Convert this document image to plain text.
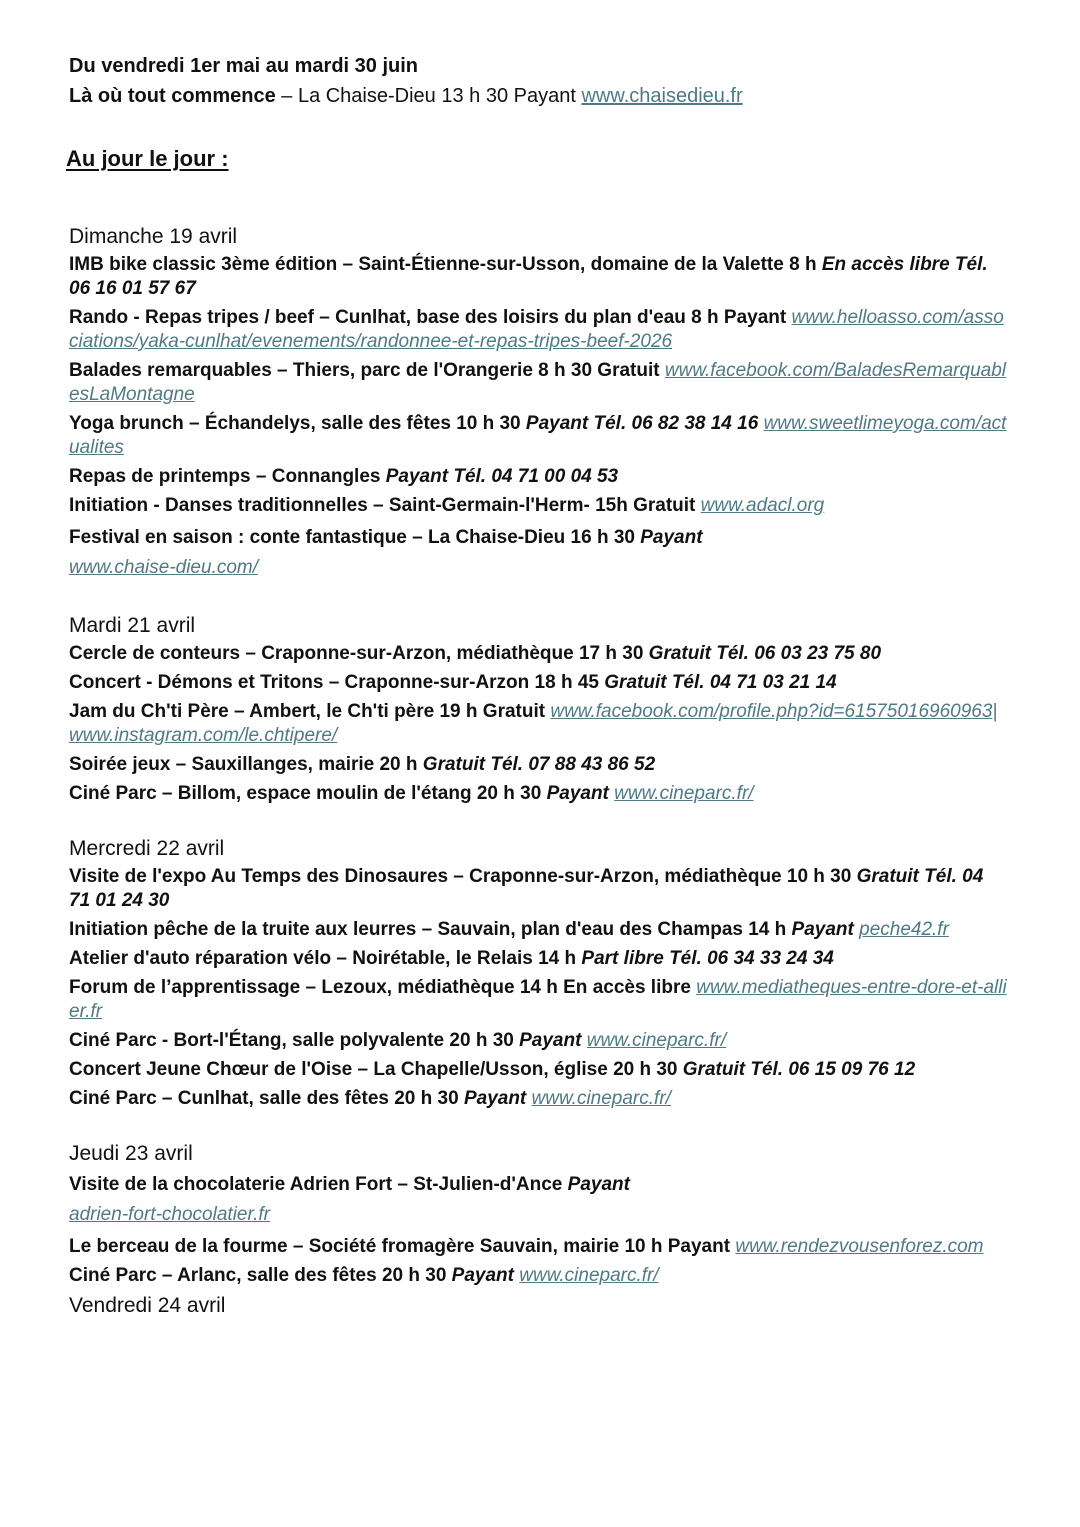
Du vendredi 1er mai au mardi 30 juin
Là où tout commence – La Chaise-Dieu 13 h 30 Payant www.chaisedieu.fr
Au jour le jour :
Dimanche 19 avril
IMB bike classic 3ème édition – Saint-Étienne-sur-Usson, domaine de la Valette 8 h En accès libre Tél. 06 16 01 57 67
Rando - Repas tripes / beef – Cunlhat, base des loisirs du plan d'eau 8 h Payant www.helloasso.com/associations/yaka-cunlhat/evenements/randonnee-et-repas-tripes-beef-2026
Balades remarquables – Thiers, parc de l'Orangerie 8 h 30 Gratuit www.facebook.com/BaladesRemarquablesLaMontagne
Yoga brunch – Échandelys, salle des fêtes 10 h 30 Payant Tél. 06 82 38 14 16 www.sweetlimeyoga.com/actualites
Repas de printemps – Connangles Payant Tél. 04 71 00 04 53
Initiation - Danses traditionnelles – Saint-Germain-l'Herm- 15h Gratuit www.adacl.org
Festival en saison : conte fantastique – La Chaise-Dieu 16 h 30 Payant
www.chaise-dieu.com/
Mardi 21 avril
Cercle de conteurs – Craponne-sur-Arzon, médiathèque 17 h 30 Gratuit Tél. 06 03 23 75 80
Concert - Démons et Tritons – Craponne-sur-Arzon 18 h 45 Gratuit Tél. 04 71 03 21 14
Jam du Ch'ti Père – Ambert, le Ch'ti père 19 h Gratuit www.facebook.com/profile.php?id=61575016960963|www.instagram.com/le.chtipere/
Soirée jeux – Sauxillanges, mairie 20 h Gratuit Tél. 07 88 43 86 52
Ciné Parc – Billom, espace moulin de l'étang 20 h 30 Payant www.cineparc.fr/
Mercredi 22 avril
Visite de l'expo Au Temps des Dinosaures – Craponne-sur-Arzon, médiathèque 10 h 30 Gratuit Tél. 04 71 01 24 30
Initiation pêche de la truite aux leurres – Sauvain, plan d'eau des Champas 14 h Payant peche42.fr
Atelier d'auto réparation vélo – Noirétable, le Relais 14 h Part libre Tél. 06 34 33 24 34
Forum de l’apprentissage – Lezoux, médiathèque 14 h En accès libre www.mediatheques-entre-dore-et-allier.fr
Ciné Parc - Bort-l'Étang, salle polyvalente 20 h 30 Payant www.cineparc.fr/
Concert Jeune Chœur de l'Oise – La Chapelle/Usson, église 20 h 30 Gratuit Tél. 06 15 09 76 12
Ciné Parc – Cunlhat, salle des fêtes 20 h 30 Payant www.cineparc.fr/
Jeudi 23 avril
Visite de la chocolaterie Adrien Fort – St-Julien-d'Ance Payant
adrien-fort-chocolatier.fr
Le berceau de la fourme – Société fromagère Sauvain, mairie 10 h Payant www.rendezvousenforez.com
Ciné Parc – Arlanc, salle des fêtes 20 h 30 Payant www.cineparc.fr/
Vendredi 24 avril
